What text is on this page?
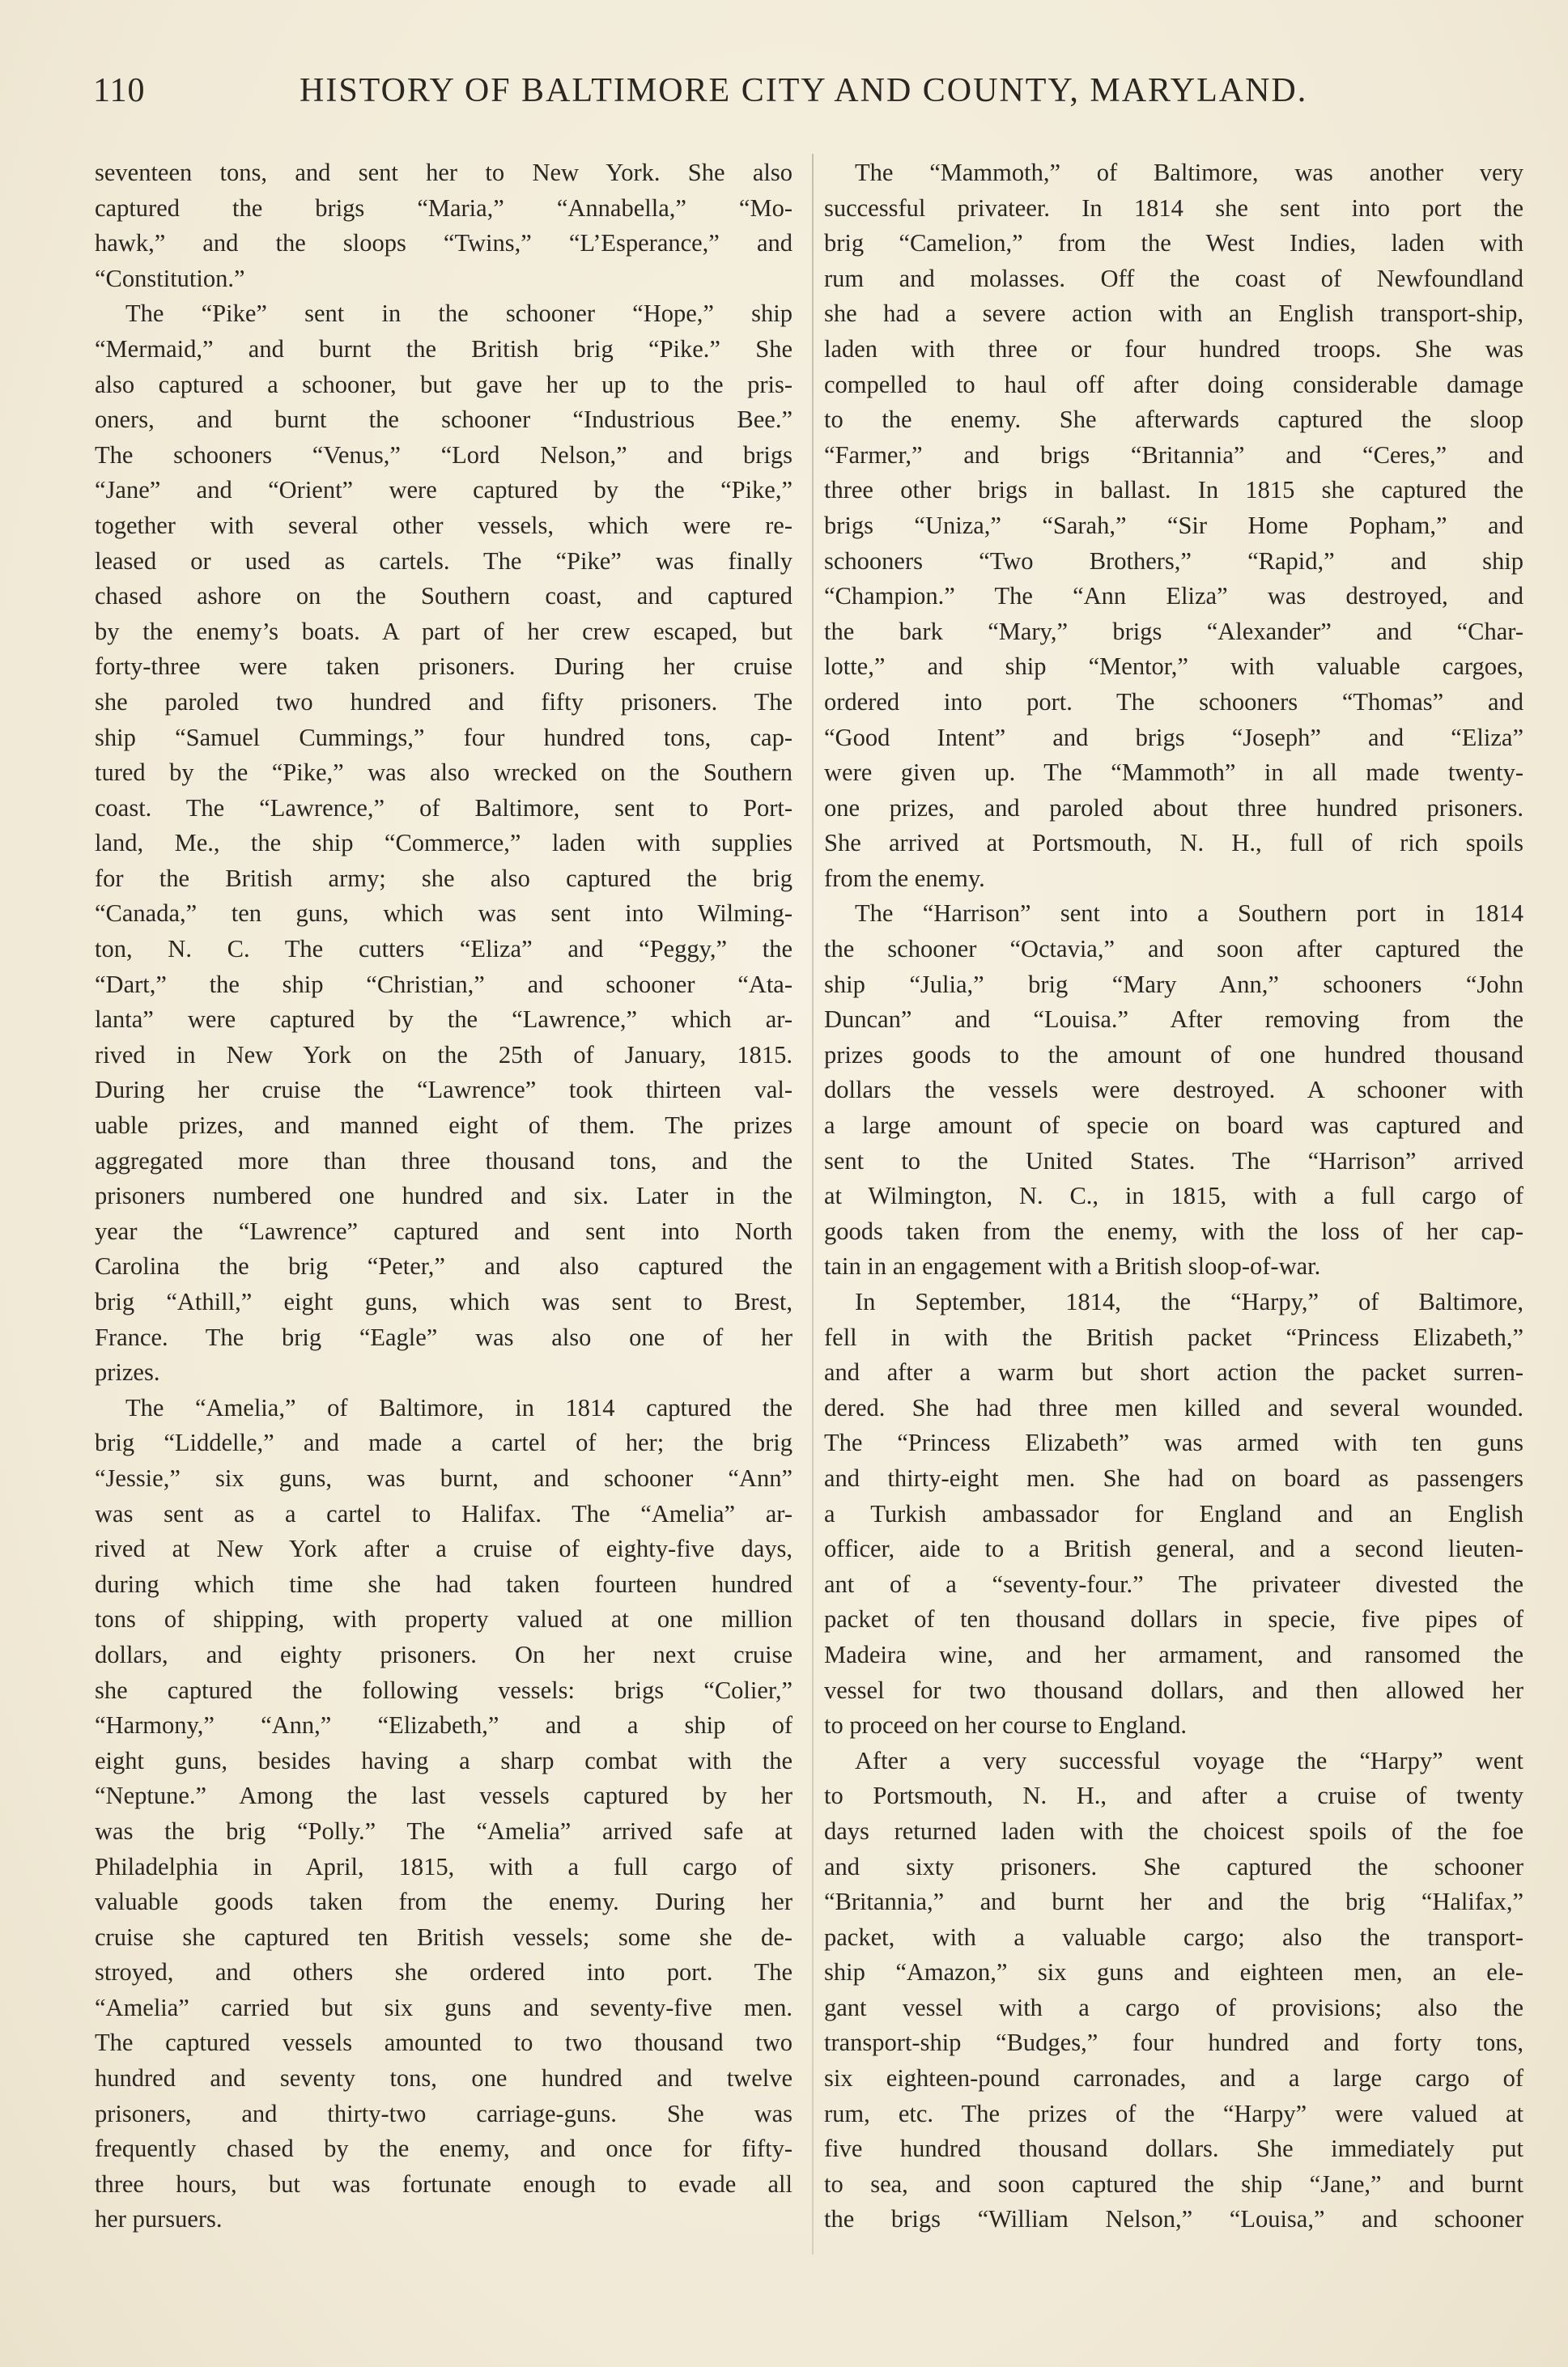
110	HISTORY OF BALTIMORE CITY AND COUNTY, MARYLAND.
seventeen tons, and sent her to New York. She also
captured the brigs “Maria,” “Annabella,” “Mo-
hawk,” and the sloops “Twins,” “L’Esperance,” and
“Constitution.”
The “Pike” sent in the schooner “Hope,” ship
“Mermaid,” and burnt the British brig “Pike.” She
also captured a schooner, but gave her up to the pris-
oners, and burnt the schooner “Industrious Bee.”
The schooners “Venus,” “Lord Nelson,” and brigs
“Jane” and “Orient” were captured by the “Pike,”
together with several other vessels, which were re-
leased or used as cartels. The “Pike” was finally
chased ashore on the Southern coast, and captured
by the enemy’s boats. A part of her crew escaped, but
forty-three were taken prisoners. During her cruise
she paroled two hundred and fifty prisoners. The
ship “Samuel Cummings,” four hundred tons, cap-
tured by the “Pike,” was also wrecked on the Southern
coast. The “Lawrence,” of Baltimore, sent to Port-
land, Me., the ship “Commerce,” laden with supplies
for the British army; she also captured the brig
“Canada,” ten guns, which was sent into Wilming-
ton, N. C. The cutters “Eliza” and “Peggy,” the
“Dart,” the ship “Christian,” and schooner “Ata-
lanta” were captured by the “Lawrence,” which ar-
rived in New York on the 25th of January, 1815.
During her cruise the “Lawrence” took thirteen val-
uable prizes, and manned eight of them. The prizes
aggregated more than three thousand tons, and the
prisoners numbered one hundred and six. Later in the
year the “Lawrence” captured and sent into North
Carolina the brig “Peter,” and also captured the
brig “Athill,” eight guns, which was sent to Brest,
France. The brig “Eagle” was also one of her
prizes.
The “Amelia,” of Baltimore, in 1814 captured the
brig “Liddelle,” and made a cartel of her; the brig
“Jessie,” six guns, was burnt, and schooner “Ann”
was sent as a cartel to Halifax. The “Amelia” ar-
rived at New York after a cruise of eighty-five days,
during which time she had taken fourteen hundred
tons of shipping, with property valued at one million
dollars, and eighty prisoners. On her next cruise
she captured the following vessels: brigs “Colier,”
“Harmony,” “Ann,” “Elizabeth,” and a ship of
eight guns, besides having a sharp combat with the
“Neptune.” Among the last vessels captured by her
was the brig “Polly.” The “Amelia” arrived safe at
Philadelphia in April, 1815, with a full cargo of
valuable goods taken from the enemy. During her
cruise she captured ten British vessels; some she de-
stroyed, and others she ordered into port. The
“Amelia” carried but six guns and seventy-five men.
The captured vessels amounted to two thousand two
hundred and seventy tons, one hundred and twelve
prisoners, and thirty-two carriage-guns. She was
frequently chased by the enemy, and once for fifty-
three hours, but was fortunate enough to evade all
her pursuers.
The “Mammoth,” of Baltimore, was another very
successful privateer. In 1814 she sent into port the
brig “Camelion,” from the West Indies, laden with
rum and molasses. Off the coast of Newfoundland
she had a severe action with an English transport-ship,
laden with three or four hundred troops. She was
compelled to haul off after doing considerable damage
to the enemy. She afterwards captured the sloop
“Farmer,” and brigs “Britannia” and “Ceres,” and
three other brigs in ballast. In 1815 she captured the
brigs “Uniza,” “Sarah,” “Sir Home Popham,” and
schooners “Two Brothers,” “Rapid,” and ship
“Champion.” The “Ann Eliza” was destroyed, and
the bark “Mary,” brigs “Alexander” and “Char-
lotte,” and ship “Mentor,” with valuable cargoes,
ordered into port. The schooners “Thomas” and
“Good Intent” and brigs “Joseph” and “Eliza”
were given up. The “Mammoth” in all made twenty-
one prizes, and paroled about three hundred prisoners.
She arrived at Portsmouth, N. H., full of rich spoils
from the enemy.
The “Harrison” sent into a Southern port in 1814
the schooner “Octavia,” and soon after captured the
ship “Julia,” brig “Mary Ann,” schooners “John
Duncan” and “Louisa.” After removing from the
prizes goods to the amount of one hundred thousand
dollars the vessels were destroyed. A schooner with
a large amount of specie on board was captured and
sent to the United States. The “Harrison” arrived
at Wilmington, N. C., in 1815, with a full cargo of
goods taken from the enemy, with the loss of her cap-
tain in an engagement with a British sloop-of-war.
In September, 1814, the “Harpy,” of Baltimore,
fell in with the British packet “Princess Elizabeth,”
and after a warm but short action the packet surren-
dered. She had three men killed and several wounded.
The “Princess Elizabeth” was armed with ten guns
and thirty-eight men. She had on board as passengers
a Turkish ambassador for England and an English
officer, aide to a British general, and a second lieuten-
ant of a “seventy-four.” The privateer divested the
packet of ten thousand dollars in specie, five pipes of
Madeira wine, and her armament, and ransomed the
vessel for two thousand dollars, and then allowed her
to proceed on her course to England.
After a very successful voyage the “Harpy” went
to Portsmouth, N. H., and after a cruise of twenty
days returned laden with the choicest spoils of the foe
and sixty prisoners. She captured the schooner
“Britannia,” and burnt her and the brig “Halifax,”
packet, with a valuable cargo; also the transport-
ship “Amazon,” six guns and eighteen men, an ele-
gant vessel with a cargo of provisions; also the
transport-ship “Budges,” four hundred and forty tons,
six eighteen-pound carronades, and a large cargo of
rum, etc. The prizes of the “Harpy” were valued at
five hundred thousand dollars. She immediately put
to sea, and soon captured the ship “Jane,” and burnt
the brigs “William Nelson,” “Louisa,” and schooner
